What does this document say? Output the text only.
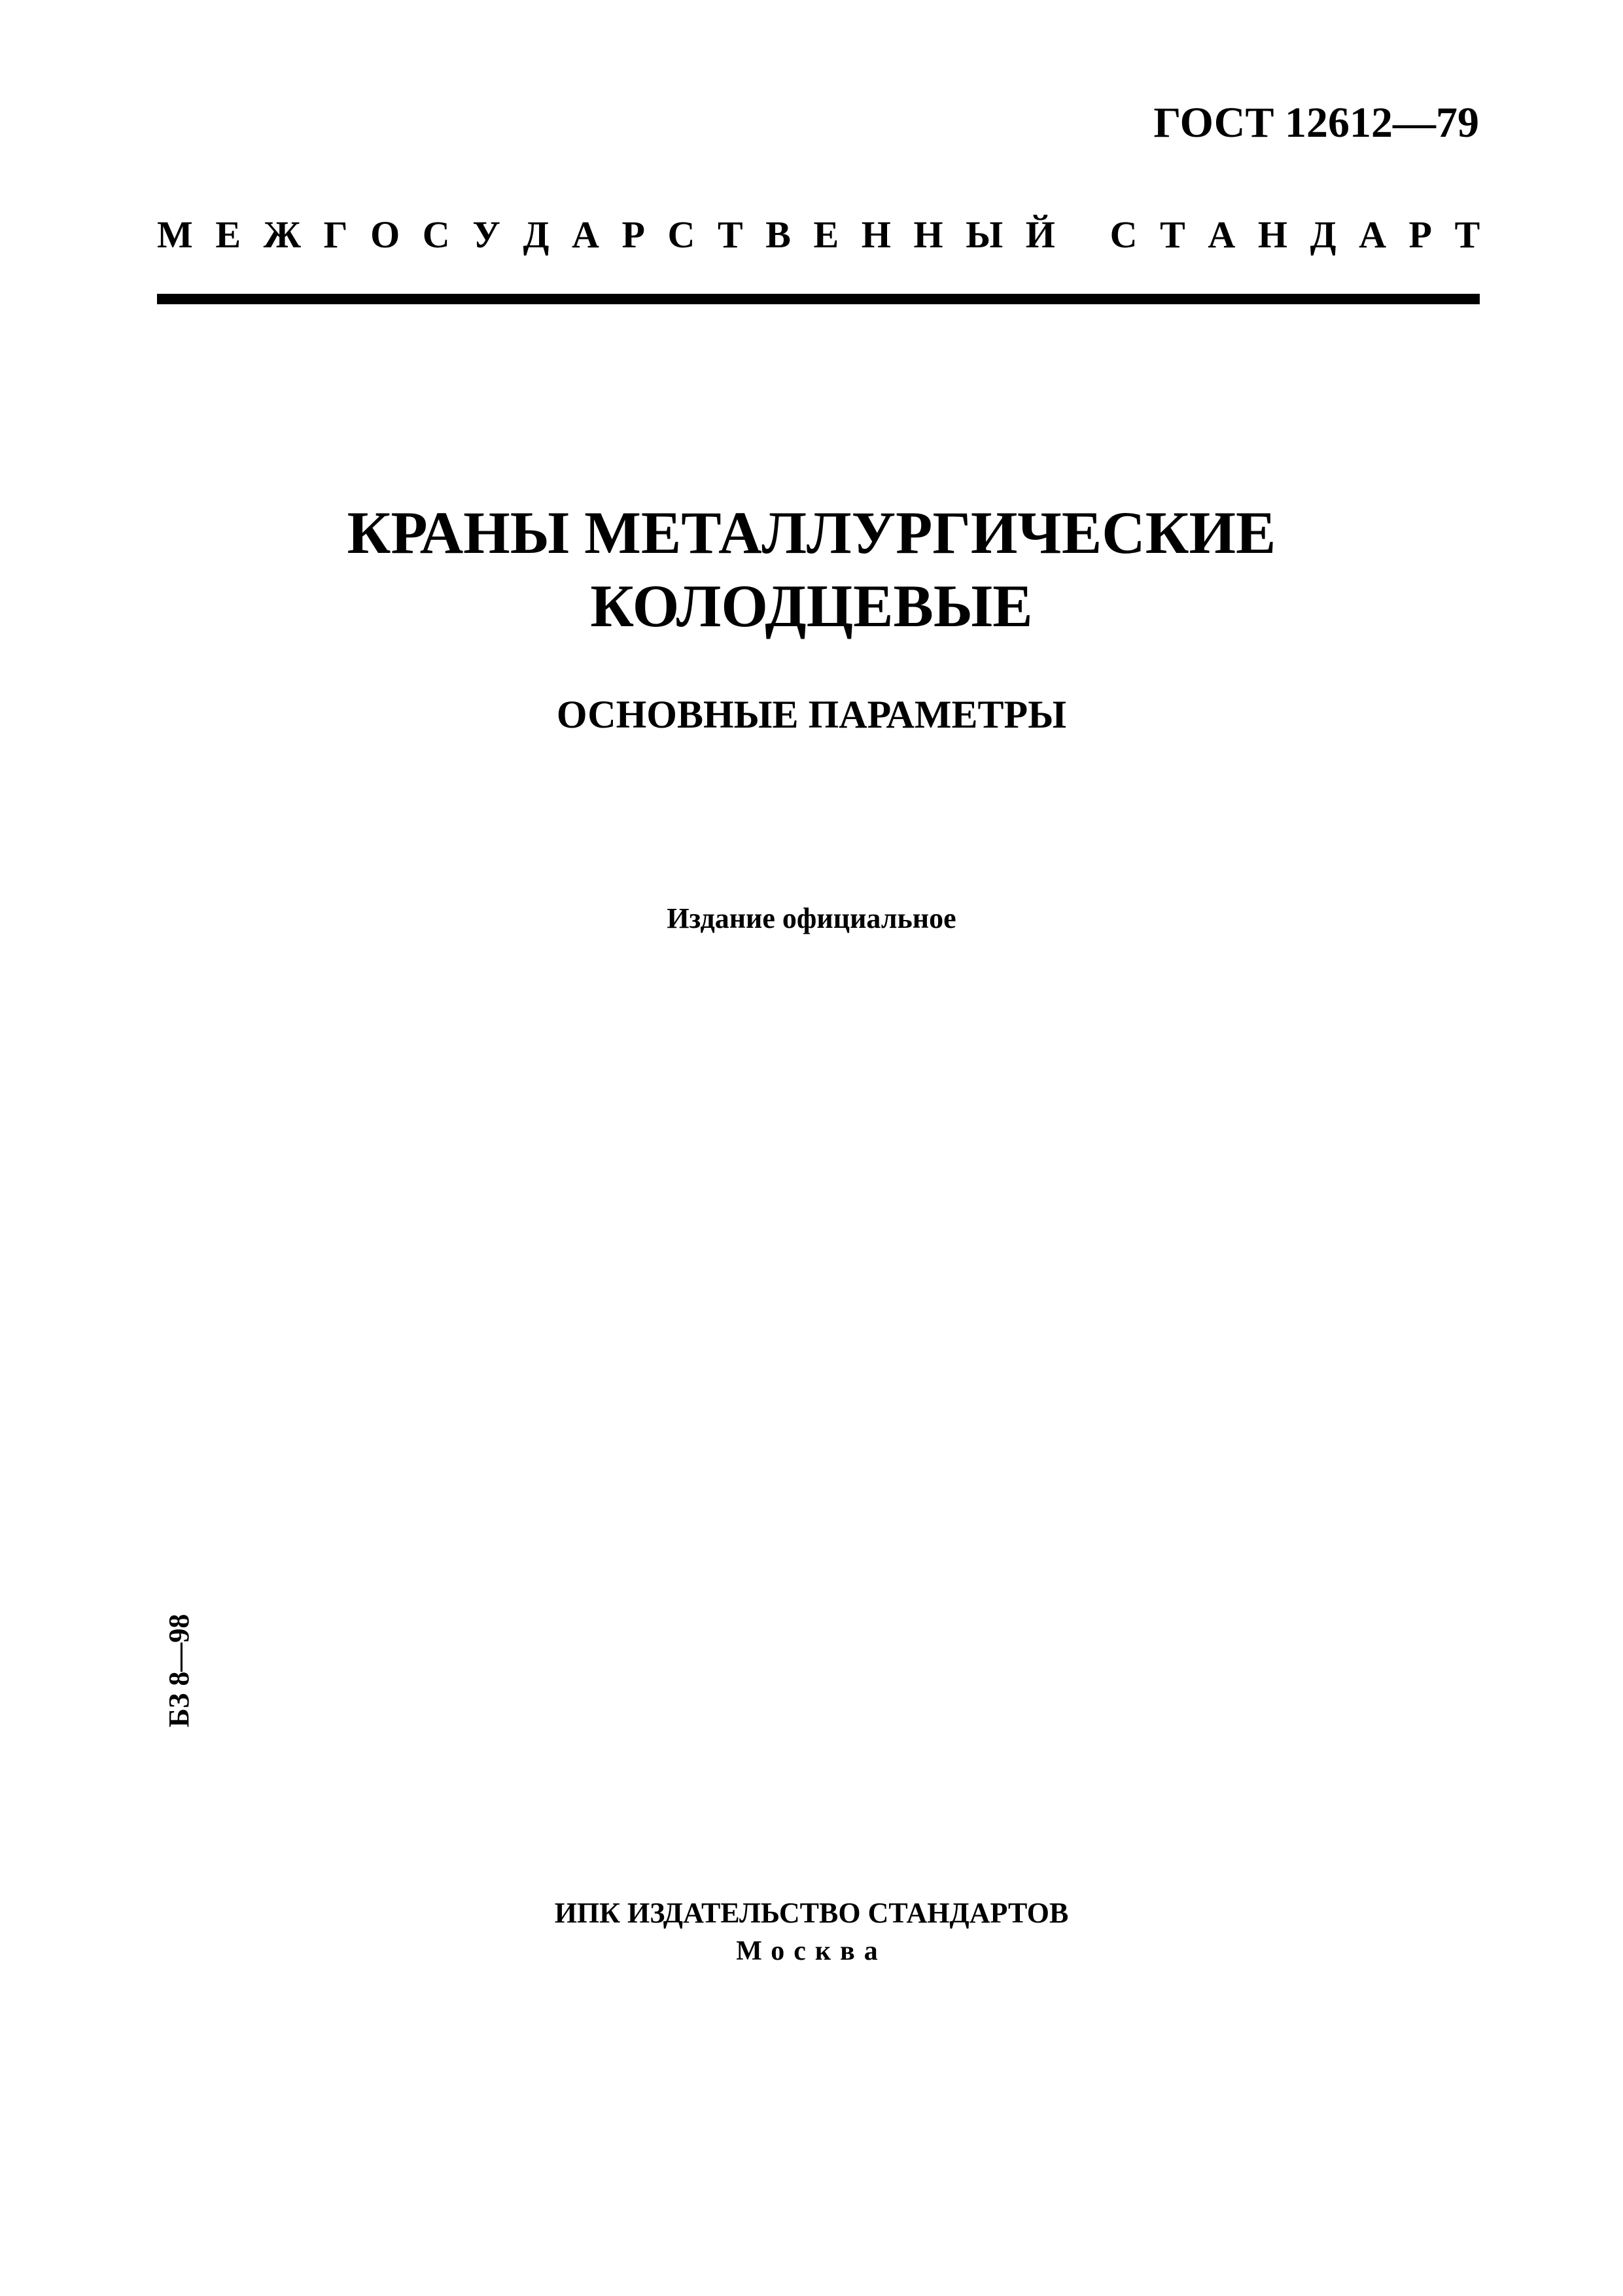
ГОСТ 12612—79
М Е Ж Г О С У Д А Р С Т В Е Н Н Ы Й С Т А Н Д А Р Т
КРАНЫ МЕТАЛЛУРГИЧЕСКИЕ
КОЛОДЦЕВЫЕ
ОСНОВНЫЕ ПАРАМЕТРЫ
Издание официальное
БЗ 8—98
ИПК ИЗДАТЕЛЬСТВО СТАНДАРТОВ
Москва
